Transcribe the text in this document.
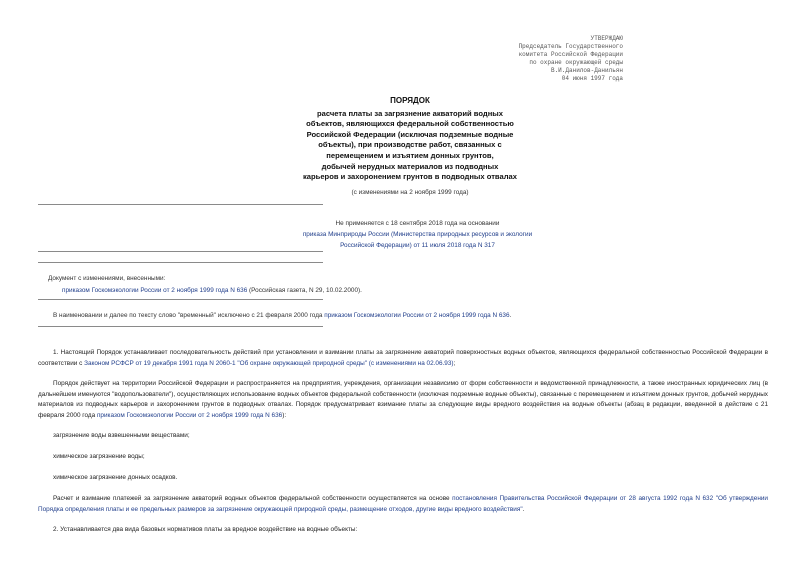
УТВЕРЖДАЮ
Председатель Государственного
комитета Российской Федерации
по охране окружающей среды
В.И.Данилов-Данильян
04 июня 1997 года
ПОРЯДОК
расчета платы за загрязнение акваторий водных
объектов, являющихся федеральной собственностью
Российской Федерации (исключая подземные водные
объекты), при производстве работ, связанных с
перемещением и изъятием донных грунтов,
добычей нерудных материалов из подводных
карьеров и захоронением грунтов в подводных отвалах
(с изменениями на 2 ноября 1999 года)
Не применяется с 18 сентября 2018 года на основании
приказа Минприроды России (Министерства природных ресурсов и экологии
Российской Федерации) от 11 июля 2018 года N 317
Документ с изменениями, внесенными:
приказом Госкомэкологии России от 2 ноября 1999 года N 636 (Российская газета, N 29, 10.02.2000).
В наименовании и далее по тексту слово "временный" исключено с 21 февраля 2000 года приказом Госкомэкологии России от 2 ноября 1999 года N 636.
1. Настоящий Порядок устанавливает последовательность действий при установлении и взимании платы за загрязнение акваторий поверхностных водных объектов, являющихся федеральной собственностью Российской Федерации в соответствии с Законом РСФСР от 19 декабря 1991 года N 2060-1 "Об охране окружающей природной среды" (с изменениями на 02.06.93);
Порядок действует на территории Российской Федерации и распространяется на предприятия, учреждения, организации независимо от форм собственности и ведомственной принадлежности, а также иностранных юридических лиц (в дальнейшем именуются "водопользователи"), осуществляющих использование водных объектов федеральной собственности (исключая подземные водные объекты), связанные с перемещением и изъятием донных грунтов, добычей нерудных материалов из подводных карьеров и захоронением грунтов в подводных отвалах. Порядок предусматривает взимание платы за следующие виды вредного воздействия на водные объекты (абзац в редакции, введенной в действие с 21 февраля 2000 года приказом Госкомэкологии России от 2 ноября 1999 года N 636):
загрязнение воды взвешенными веществами;
химическое загрязнение воды;
химическое загрязнение донных осадков.
Расчет и взимание платежей за загрязнение акваторий водных объектов федеральной собственности осуществляется на основе постановления Правительства Российской Федерации от 28 августа 1992 года N 632 "Об утверждении Порядка определения платы и ее предельных размеров за загрязнение окружающей природной среды, размещение отходов, другие виды вредного воздействия".
2. Устанавливается два вида базовых нормативов платы за вредное воздействие на водные объекты:
